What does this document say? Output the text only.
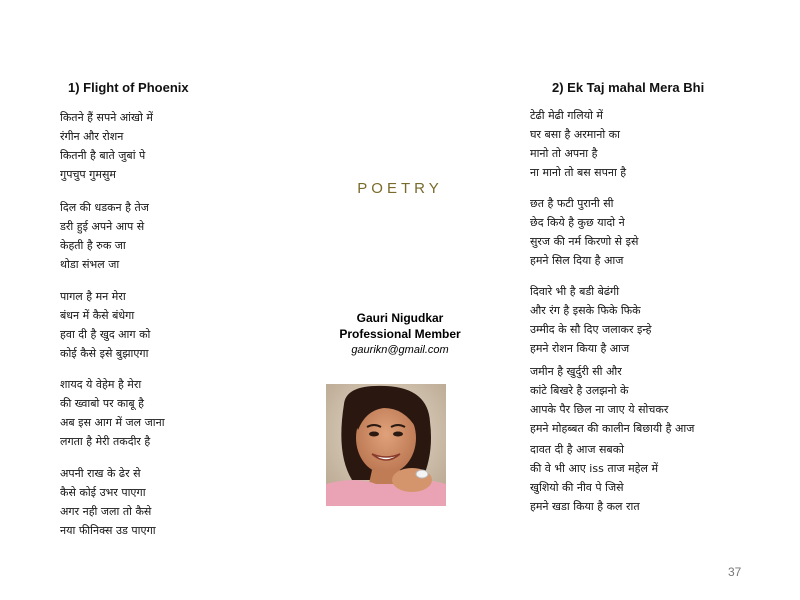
1) Flight of Phoenix
कितने हैं सपने आंखो में
रंगीन और रोशन
कितनी है बाते जुबां पे
गुपचुप गुमसुम
दिल की धडकन है तेज
डरी हुई अपने आप से
केहती है रुक जा
थोडा संभल जा
पागल है मन मेरा
बंधन में कैसे बंधेगा
हवा दी है खुद आग को
कोई कैसे इसे बुझाएगा
शायद ये वेहेम है मेरा
की ख्वाबो पर काबू है
अब इस आग में जल जाना
लगता है मेरी तकदीर है
अपनी राख के ढेर से
कैसे कोई उभर पाएगा
अगर नही जला तो कैसे
नया फीनिक्स उड पाएगा
POETRY
Gauri Nigudkar
Professional Member
gaurikn@gmail.com
2) Ek Taj mahal Mera Bhi
टेढी मेढी गलियो में
घर बसा है अरमानो का
मानो तो अपना है
ना मानो तो बस सपना है
छत है फटी पुरानी सी
छेद किये है कुछ यादो ने
सुरज की नर्म किरणो से इसे
हमने सिल दिया है आज
दिवारे भी है बडी बेढंगी
और रंग है इसके फिके फिके
उम्मीद के सौ दिए जलाकर इन्हे
हमने रोशन किया है आज
जमीन है खुर्दुरी सी और
कांटे बिखरे है उलझनो के
आपके पैर छिल ना जाए ये सोचकर
हमने मोहब्बत की कालीन बिछायी है आज
दावत दी है आज सबको
की वे भी आए iss ताज महेल में
खुशियो की नीव पे जिसे
हमने खडा किया है कल रात
37
